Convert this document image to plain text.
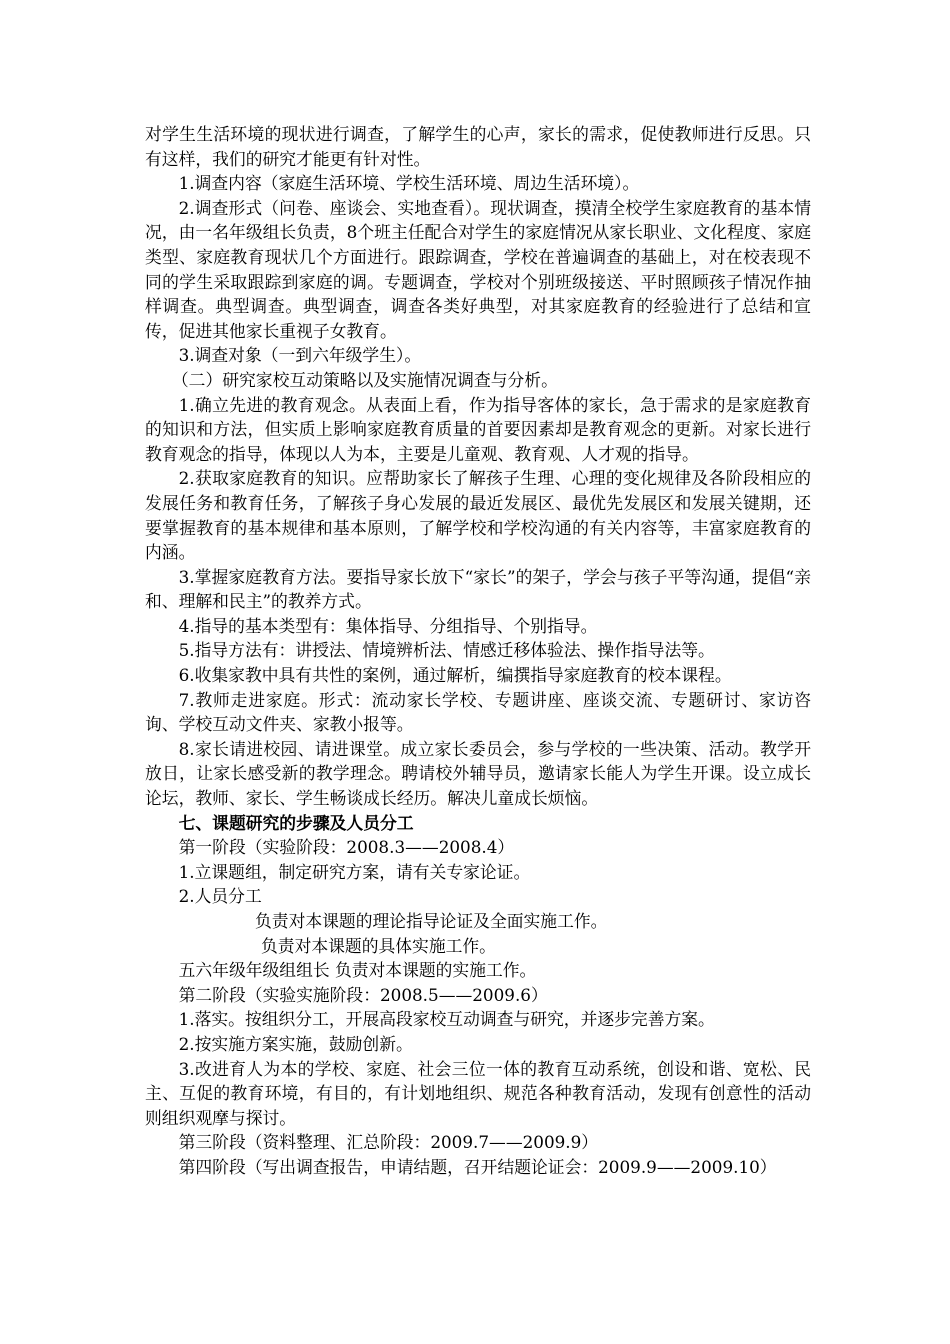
对学生生活环境的现状进行调查，了解学生的心声，家长的需求，促使教师进行反思。只有这样，我们的研究才能更有针对性。

1.调查内容（家庭生活环境、学校生活环境、周边生活环境）。

2.调查形式（问卷、座谈会、实地查看）。现状调查，摸清全校学生家庭教育的基本情况，由一名年级组长负责，8个班主任配合对学生的家庭情况从家长职业、文化程度、家庭类型、家庭教育现状几个方面进行。跟踪调查，学校在普遍调查的基础上，对在校表现不同的学生采取跟踪到家庭的调。专题调查，学校对个别班级接送、平时照顾孩子情况作抽样调查。典型调查。典型调查，调查各类好典型，对其家庭教育的经验进行了总结和宣传，促进其他家长重视子女教育。

3.调查对象（一到六年级学生）。

（二）研究家校互动策略以及实施情况调查与分析。

1.确立先进的教育观念。从表面上看，作为指导客体的家长，急于需求的是家庭教育的知识和方法，但实质上影响家庭教育质量的首要因素却是教育观念的更新。对家长进行教育观念的指导，体现以人为本，主要是儿童观、教育观、人才观的指导。

2.获取家庭教育的知识。应帮助家长了解孩子生理、心理的变化规律及各阶段相应的发展任务和教育任务，了解孩子身心发展的最近发展区、最优先发展区和发展关键期，还要掌握教育的基本规律和基本原则，了解学校和学校沟通的有关内容等，丰富家庭教育的内涵。

3.掌握家庭教育方法。要指导家长放下“家长”的架子，学会与孩子平等沟通，提倡“亲和、理解和民主”的教养方式。

4.指导的基本类型有：集体指导、分组指导、个别指导。

5.指导方法有：讲授法、情境辨析法、情感迁移体验法、操作指导法等。

6.收集家教中具有共性的案例，通过解析，编撰指导家庭教育的校本课程。

7.教师走进家庭。形式：流动家长学校、专题讲座、座谈交流、专题研讨、家访咨询、学校互动文件夹、家教小报等。

8.家长请进校园、请进课堂。成立家长委员会，参与学校的一些决策、活动。教学开放日，让家长感受新的教学理念。聘请校外辅导员，邀请家长能人为学生开课。设立成长论坛，教师、家长、学生畅谈成长经历。解决儿童成长烦恼。

七、课题研究的步骤及人员分工

第一阶段（实验阶段：2008.3——2008.4）

1.立课题组，制定研究方案，请有关专家论证。

2.人员分工

负责对本课题的理论指导论证及全面实施工作。

负责对本课题的具体实施工作。

五六年级年级组组长 负责对本课题的实施工作。

第二阶段（实验实施阶段：2008.5——2009.6）

1.落实。按组织分工，开展高段家校互动调查与研究，并逐步完善方案。

2.按实施方案实施，鼓励创新。

3.改进育人为本的学校、家庭、社会三位一体的教育互动系统，创设和谐、宽松、民主、互促的教育环境，有目的，有计划地组织、规范各种教育活动，发现有创意性的活动则组织观摩与探讨。

第三阶段（资料整理、汇总阶段：2009.7——2009.9）

第四阶段（写出调查报告，申请结题，召开结题论证会：2009.9——2009.10）
